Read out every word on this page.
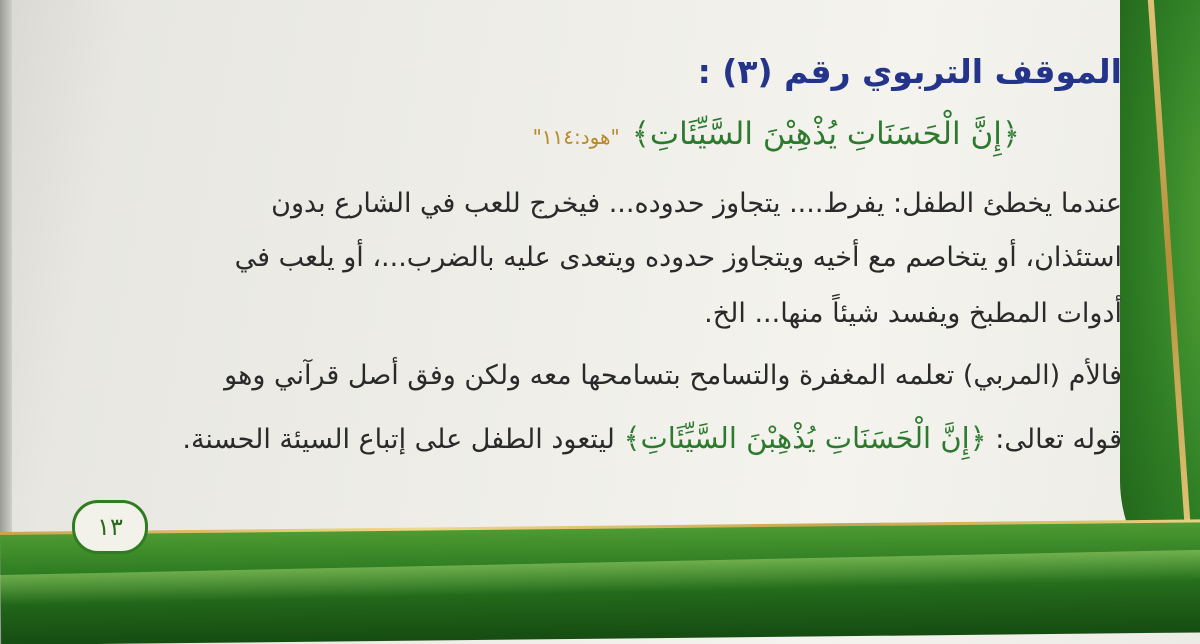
الموقف التربوي رقم (٣) :
﴿إِنَّ الْحَسَنَاتِ يُذْهِبْنَ السَّيِّئَاتِ﴾"هود:١١٤"
عندما يخطئ الطفل: يفرط.... يتجاوز حدوده... فيخرج للعب في الشارع بدون
استئذان، أو يتخاصم مع أخيه ويتجاوز حدوده ويتعدى عليه بالضرب...، أو يلعب في
أدوات المطبخ ويفسد شيئاً منها... الخ.
فالأم (المربي) تعلمه المغفرة والتسامح بتسامحها معه ولكن وفق أصل قرآني وهو
قوله تعالى: ﴿إِنَّ الْحَسَنَاتِ يُذْهِبْنَ السَّيِّئَاتِ﴾ ليتعود الطفل على إتباع السيئة الحسنة.
١٣
